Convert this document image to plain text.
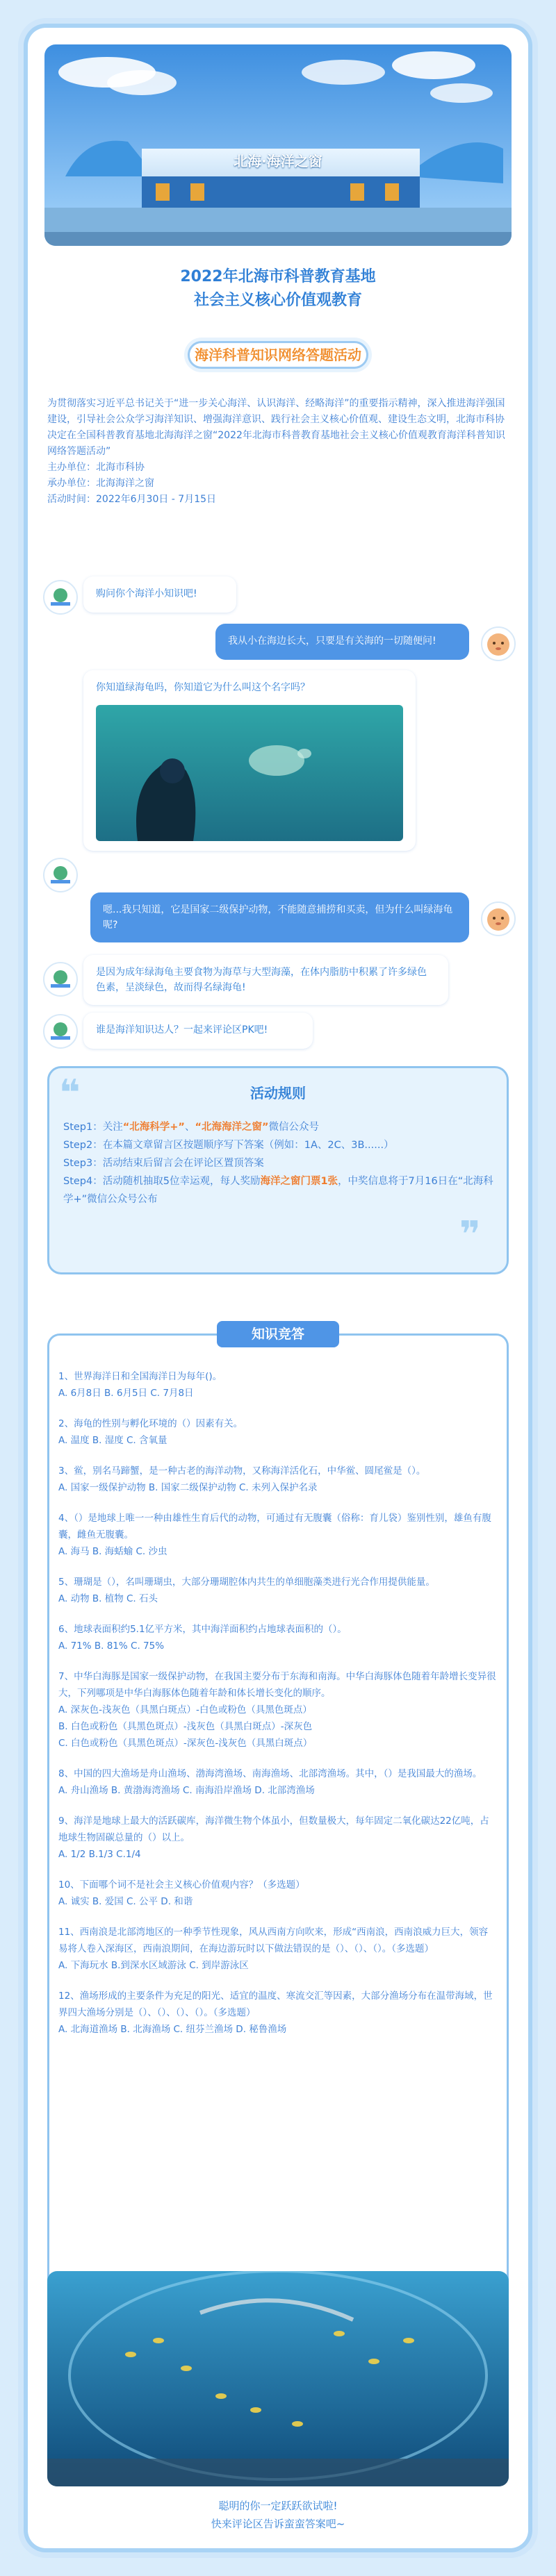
北海·海洋之窗
2022年北海市科普教育基地
社会主义核心价值观教育
海洋科普知识网络答题活动

为贯彻落实习近平总书记关于“进一步关心海洋、认识海洋、经略海洋”的重要指示精神，深入推进海洋强国建设，引导社会公众学习海洋知识、增强海洋意识、践行社会主义核心价值观、建设生态文明，北海市科协决定在全国科普教育基地北海海洋之窗“2022年北海市科普教育基地社会主义核心价值观教育海洋科普知识网络答题活动”

主办单位：北海市科协

承办单位：北海海洋之窗

活动时间：2022年6月30日 - 7月15日

购问你个海洋小知识吧!
我从小在海边长大，只要是有关海的一切随便问!
你知道绿海龟吗，你知道它为什么叫这个名字吗？
嗯...我只知道，它是国家二级保护动物，不能随意捕捞和买卖，但为什么叫绿海龟呢?
是因为成年绿海龟主要食物为海草与大型海藻，在体内脂肪中积累了许多绿色色素，呈淡绿色，故而得名绿海龟!
谁是海洋知识达人？一起来评论区PK吧!
❝
❞
活动规则
Step1：关注“北海科学+”、“北海海洋之窗”微信公众号
Step2：在本篇文章留言区按题顺序写下答案（例如：1A、2C、3B......）
Step3：活动结束后留言会在评论区置顶答案
Step4：活动随机抽取5位幸运观，每人奖励海洋之窗门票1张，中奖信息将于7月16日在“北海科学+”微信公众号公布
知识竞答
1、世界海洋日和全国海洋日为每年()。
A. 6月8日 B. 6月5日 C. 7月8日
2、海龟的性别与孵化环境的（）因素有关。
A. 温度 B. 湿度 C. 含氧量
3、鲎，别名马蹄蟹，是一种古老的海洋动物，又称海洋活化石，中华鲎、圆尾鲎是（）。
A. 国家一级保护动物 B. 国家二级保护动物 C. 未列入保护名录
4、（）是地球上唯一一种由雄性生育后代的动物，可通过有无腹囊（俗称：育儿袋）鉴别性别，雄鱼有腹囊，雌鱼无腹囊。
A. 海马 B. 海蛞蝓 C. 沙虫
5、珊瑚是（），名叫珊瑚虫，大部分珊瑚腔体内共生的单细胞藻类进行光合作用提供能量。
A. 动物 B. 植物 C. 石头
6、地球表面积约5.1亿平方米，其中海洋面积约占地球表面积的（）。
A. 71% B. 81% C. 75%
7、中华白海豚是国家一级保护动物，在我国主要分布于东海和南海。中华白海豚体色随着年龄增长变异很大，下列哪项是中华白海豚体色随着年龄和体长增长变化的顺序。
A. 深灰色-浅灰色（具黑白斑点）-白色或粉色（具黑色斑点）
B. 白色或粉色（具黑色斑点）-浅灰色（具黑白斑点）-深灰色
C. 白色或粉色（具黑色斑点）-深灰色-浅灰色（具黑白斑点）
8、中国的四大渔场是舟山渔场、渤海湾渔场、南海渔场、北部湾渔场。其中，（）是我国最大的渔场。
A. 舟山渔场 B. 黄渤海湾渔场 C. 南海沿岸渔场 D. 北部湾渔场
9、海洋是地球上最大的活跃碳库，海洋微生物个体虽小，但数量极大，每年固定二氧化碳达22亿吨，占地球生物固碳总量的（）以上。
A. 1/2 B.1/3 C.1/4
10、下面哪个词不是社会主义核心价值观内容？（多选题）
A. 诚实 B. 爱国 C. 公平 D. 和谐
11、西南浪是北部湾地区的一种季节性现象，风从西南方向吹来，形成“西南浪，西南浪威力巨大，领容易将人卷入深海区，西南浪期间，在海边游玩时以下做法错误的是（）、（）、（）。（多选题）
A. 下海玩水 B.到深水区域游泳 C. 到岸游泳区
12、渔场形成的主要条件为充足的阳光、适宜的温度、寒流交汇等因素，大部分渔场分布在温带海域，世界四大渔场分别是（）、（）、（）、（）。（多选题）
A. 北海道渔场 B. 北海渔场 C. 纽芬兰渔场 D. 秘鲁渔场
聪明的你一定跃跃欲试啦!
快来评论区告诉蛮蛮答案吧~
